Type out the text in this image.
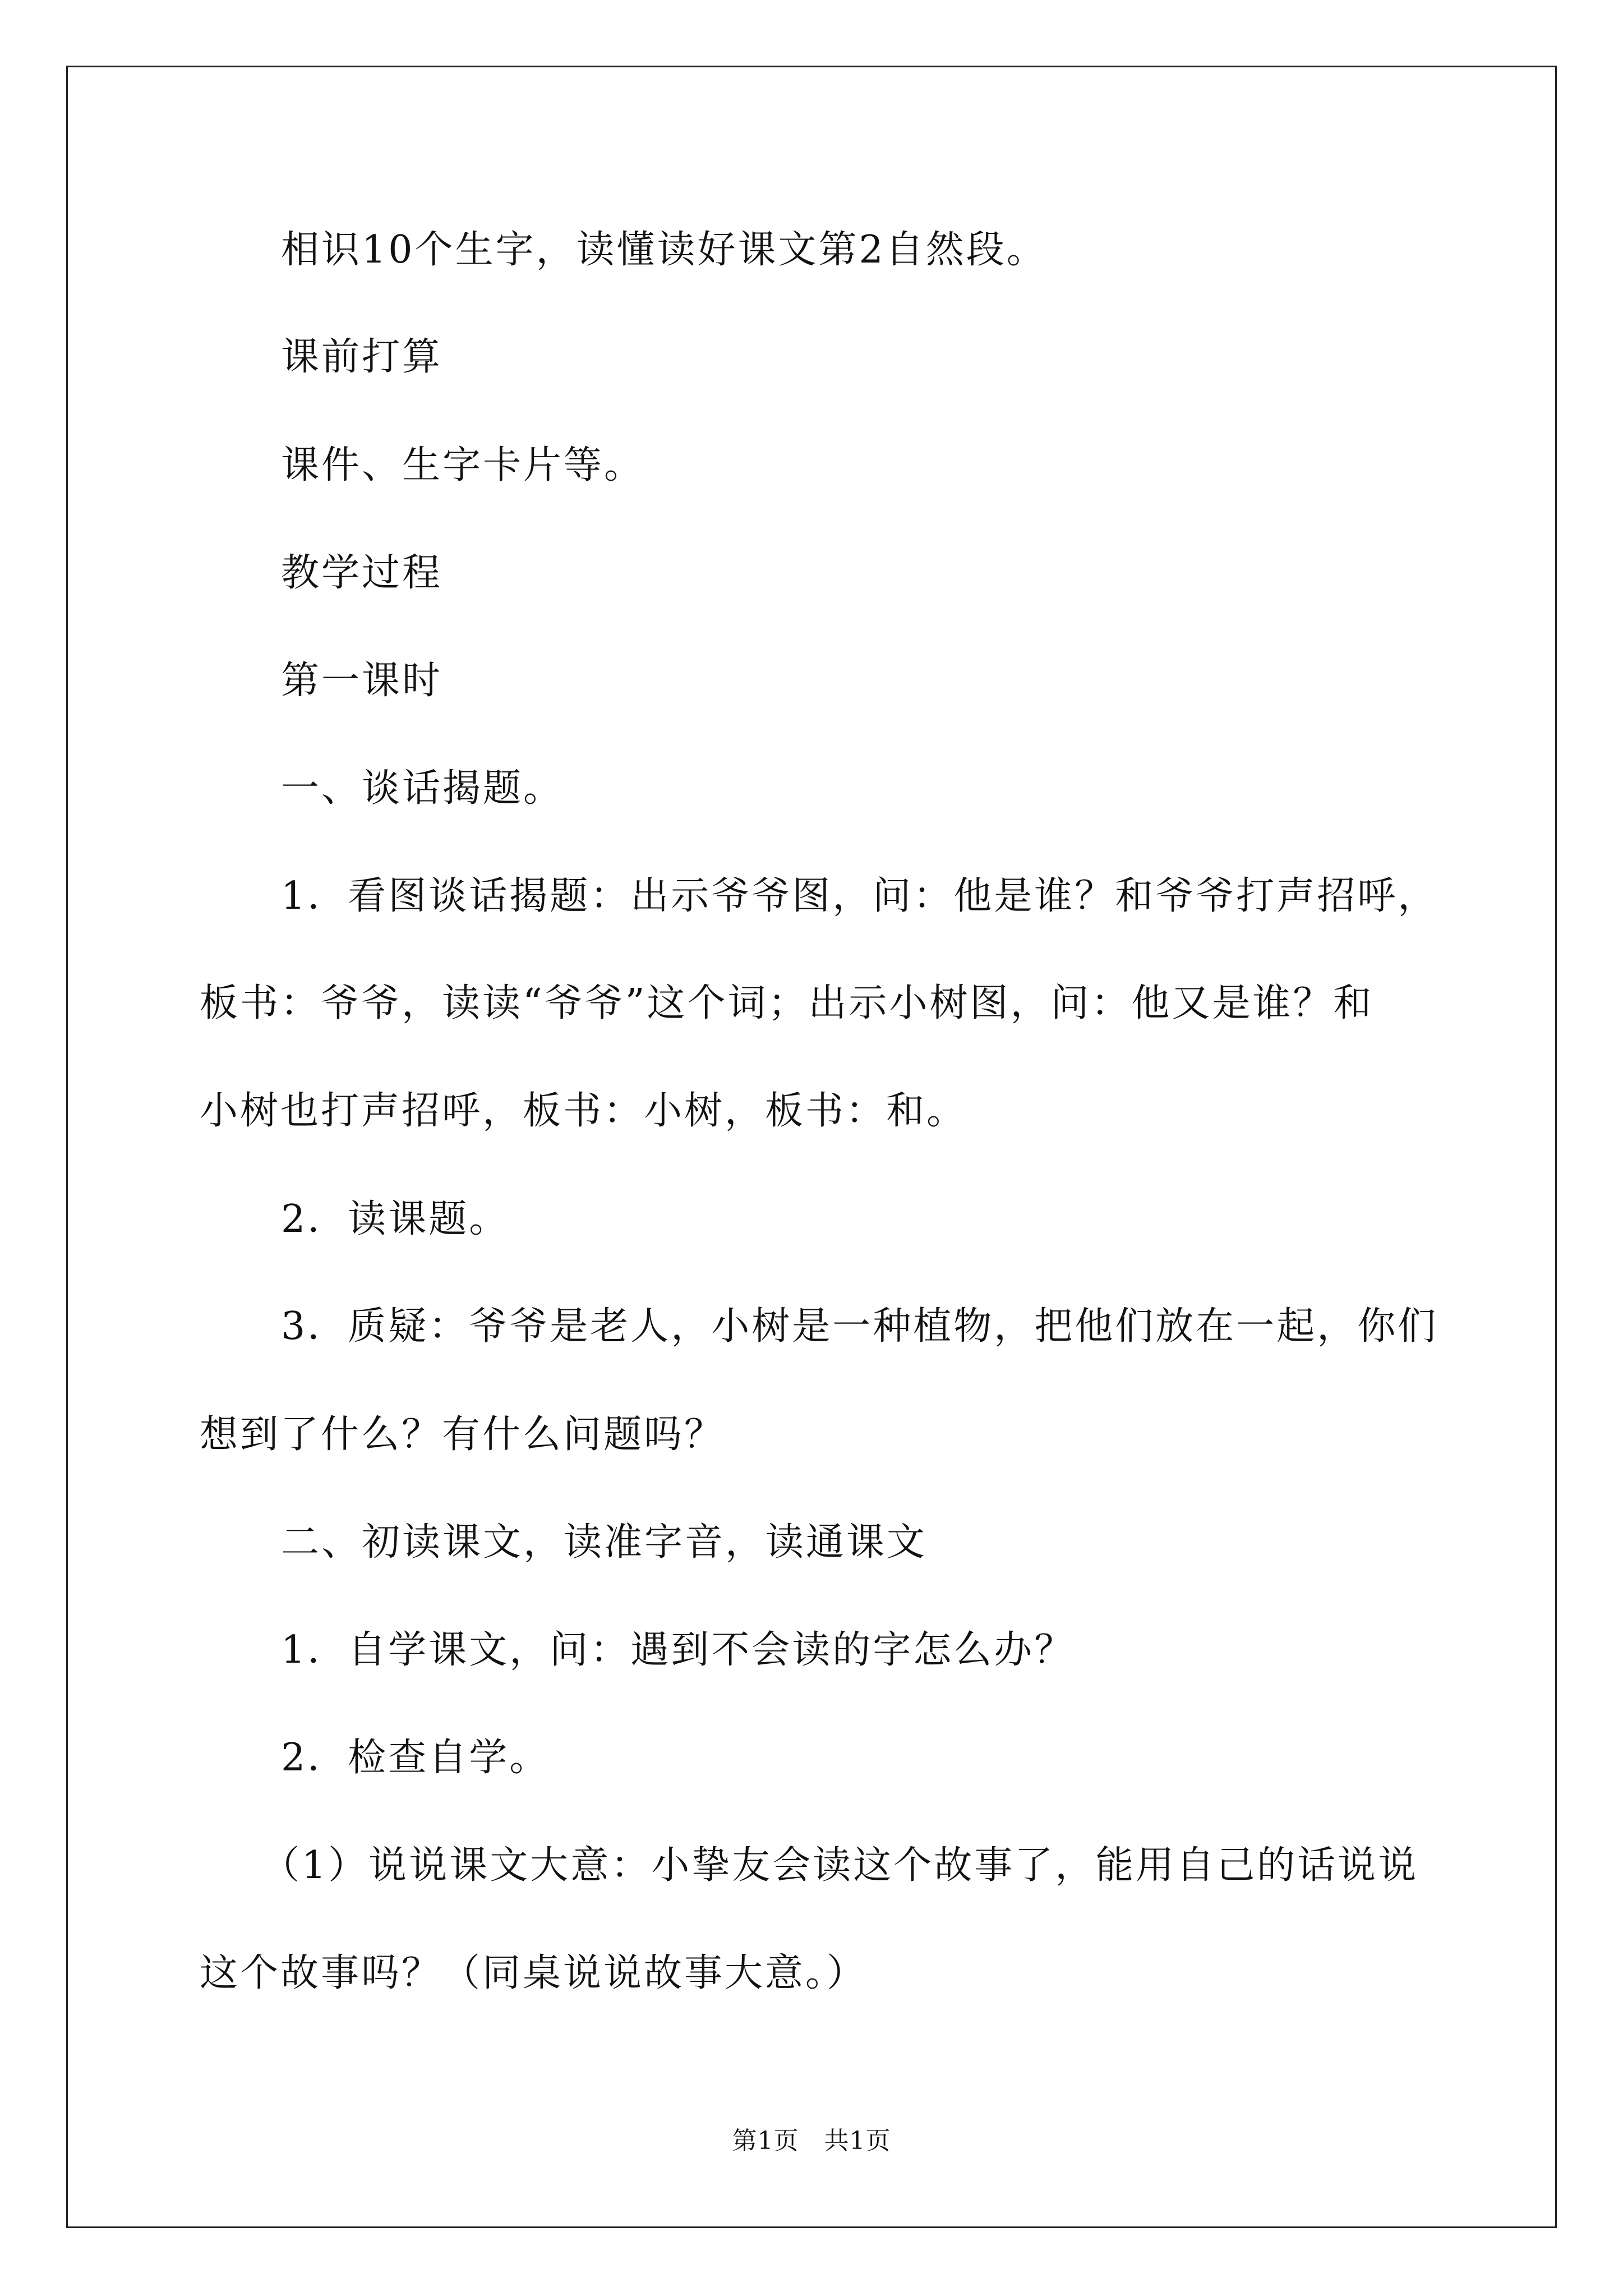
相识10个生字，读懂读好课文第2自然段。
课前打算
课件、生字卡片等。
教学过程
第一课时
一、谈话揭题。
1．看图谈话揭题：出示爷爷图，问：他是谁？和爷爷打声招呼，
板书：爷爷，读读“爷爷”这个词；出示小树图，问：他又是谁？和
小树也打声招呼，板书：小树，板书：和。
2．读课题。
3．质疑：爷爷是老人，小树是一种植物，把他们放在一起，你们
想到了什么？有什么问题吗？
二、初读课文，读准字音，读通课文
1．自学课文，问：遇到不会读的字怎么办？
2．检查自学。
（1）说说课文大意：小挚友会读这个故事了，能用自己的话说说
这个故事吗？（同桌说说故事大意。）
第1页　共1页
